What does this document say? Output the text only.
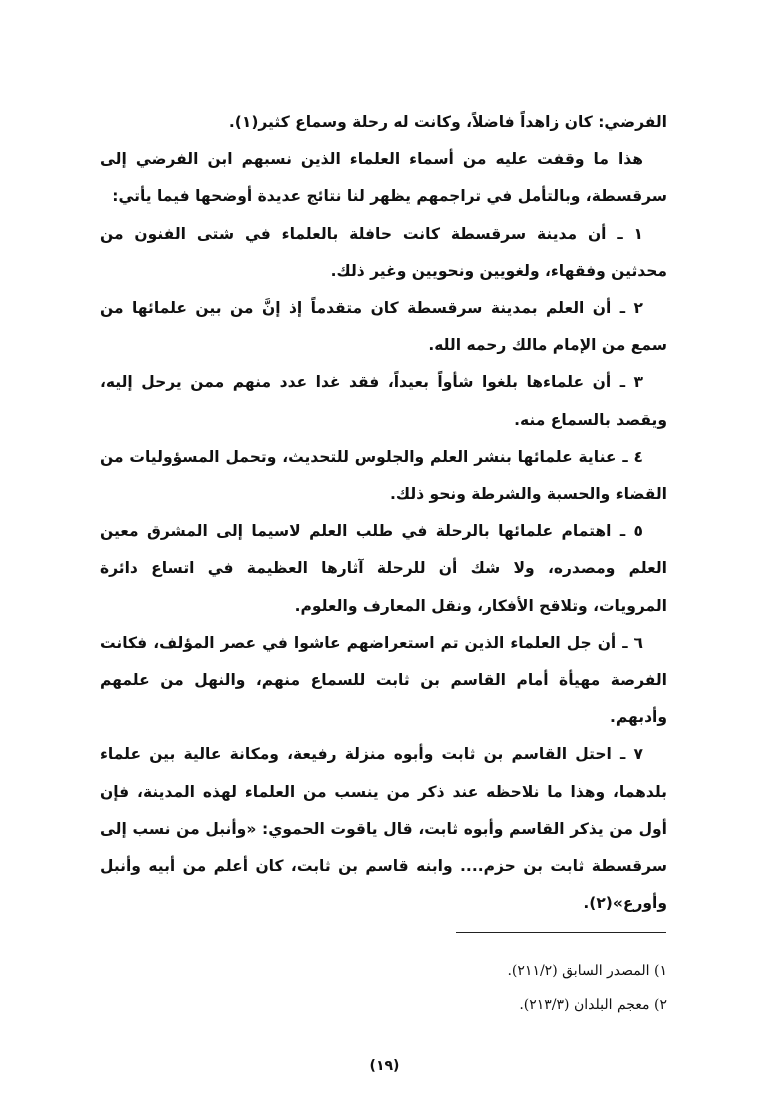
الفرضي: كان زاهداً فاضلاً، وكانت له رحلة وسماع كثير(١).

هذا ما وقفت عليه من أسماء العلماء الذين نسبهم ابن الفرضي إلى سرقسطة، وبالتأمل في تراجمهم يظهر لنا نتائج عديدة أوضحها فيما يأتي:

١ ـ أن مدينة سرقسطة كانت حافلة بالعلماء في شتى الفنون من محدثين وفقهاء، ولغويين ونحويين وغير ذلك.

٢ ـ أن العلم بمدينة سرقسطة كان متقدماً إذ إنَّ من بين علمائها من سمع من الإمام مالك رحمه الله.

٣ ـ أن علماءها بلغوا شأواً بعيداً، فقد غدا عدد منهم ممن يرحل إليه، ويقصد بالسماع منه.

٤ ـ عناية علمائها بنشر العلم والجلوس للتحديث، وتحمل المسؤوليات من القضاء والحسبة والشرطة ونحو ذلك.

٥ ـ اهتمام علمائها بالرحلة في طلب العلم لاسيما إلى المشرق معين العلم ومصدره، ولا شك أن للرحلة آثارها العظيمة في اتساع دائرة المرويات، وتلاقح الأفكار، ونقل المعارف والعلوم.

٦ ـ أن جل العلماء الذين تم استعراضهم عاشوا في عصر المؤلف، فكانت الفرصة مهيأة أمام القاسم بن ثابت للسماع منهم، والنهل من علمهم وأدبهم.

٧ ـ احتل القاسم بن ثابت وأبوه منزلة رفيعة، ومكانة عالية بين علماء بلدهما، وهذا ما نلاحظه عند ذكر من ينسب من العلماء لهذه المدينة، فإن أول من يذكر القاسم وأبوه ثابت، قال ياقوت الحموي: «وأنبل من نسب إلى سرقسطة ثابت بن حزم.... وابنه قاسم بن ثابت، كان أعلم من أبيه وأنبل وأورع»(٢).

١) المصدر السابق (٢١١/٢).
٢) معجم البلدان (٢١٣/٣).
(١٩)
